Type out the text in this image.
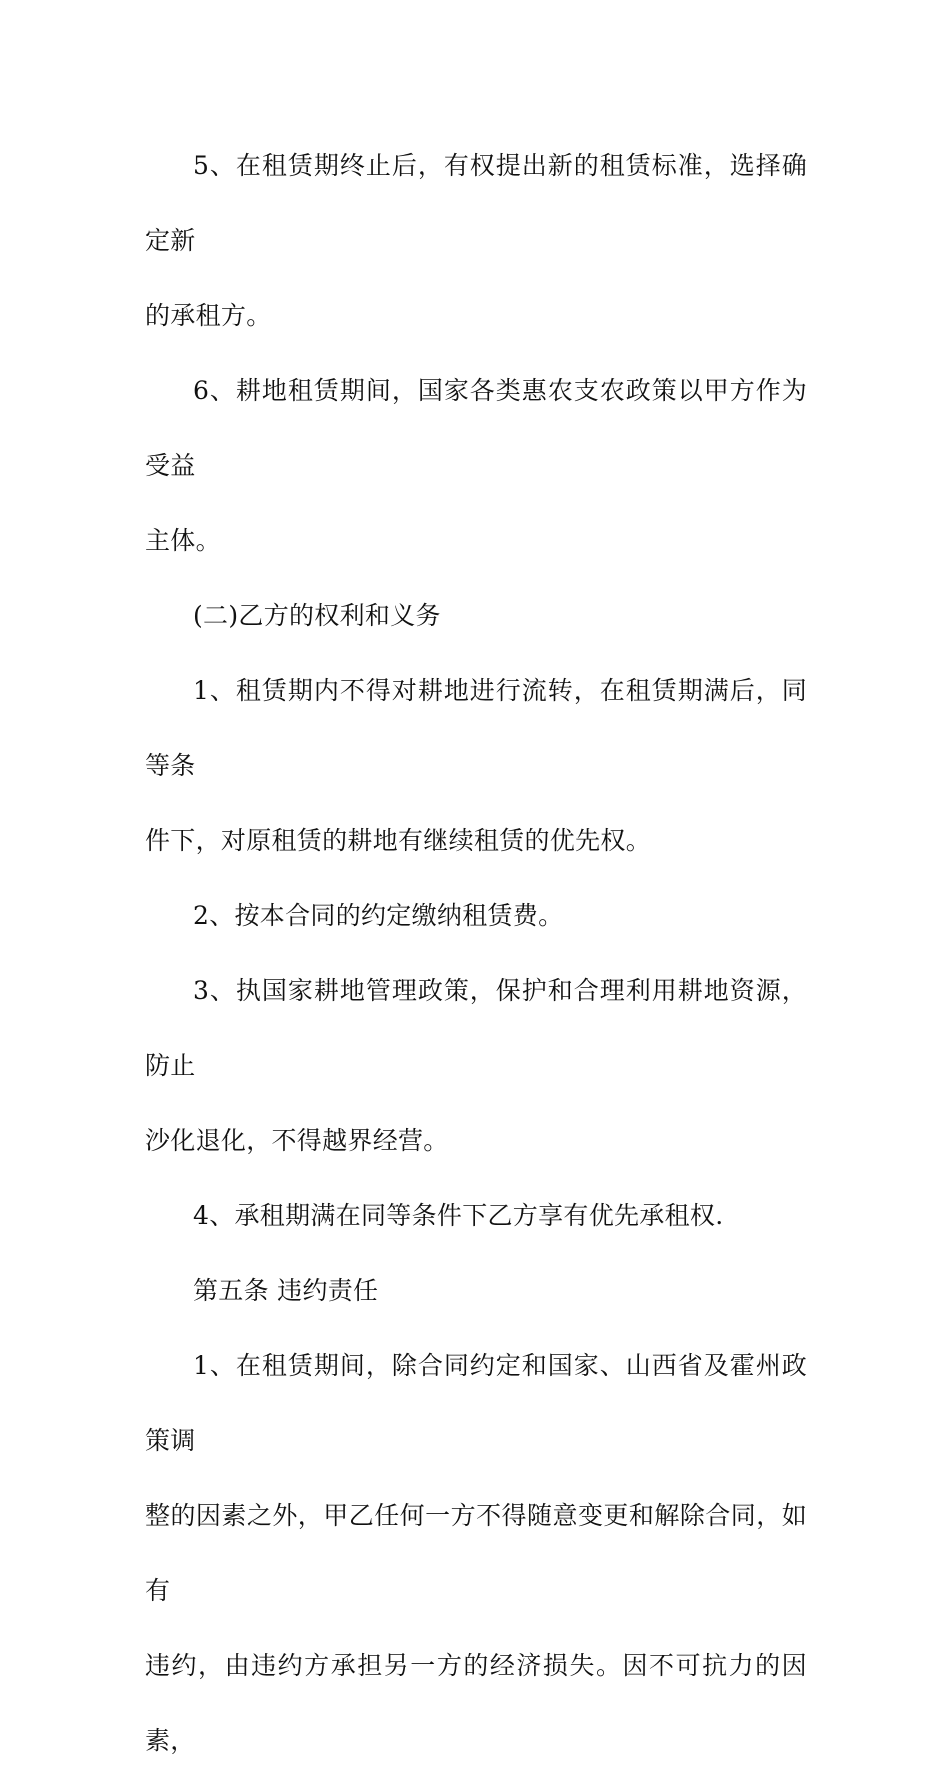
5、在租赁期终止后，有权提出新的租赁标准，选择确定新

的承租方。

6、耕地租赁期间，国家各类惠农支农政策以甲方作为受益

主体。

(二)乙方的权利和义务

1、租赁期内不得对耕地进行流转，在租赁期满后，同等条

件下，对原租赁的耕地有继续租赁的优先权。

2、按本合同的约定缴纳租赁费。

3、执国家耕地管理政策，保护和合理利用耕地资源，防止

沙化退化，不得越界经营。

4、承租期满在同等条件下乙方享有优先承租权.

第五条 违约责任

1、在租赁期间，除合同约定和国家、山西省及霍州政策调

整的因素之外，甲乙任何一方不得随意变更和解除合同，如有

违约，由违约方承担另一方的经济损失。因不可抗力的因素，
